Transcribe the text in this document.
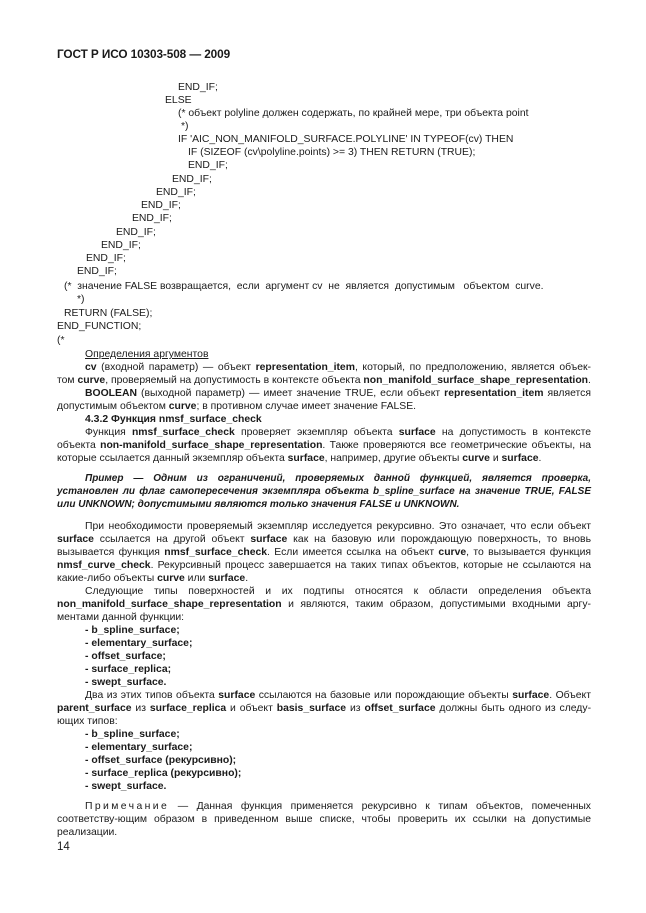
ГОСТ Р ИСО 10303-508 — 2009
END_IF;
ELSE
(* объект polyline должен содержать, по крайней мере, три объекта point
*)
IF 'AIC_NON_MANIFOLD_SURFACE.POLYLINE' IN TYPEOF(cv) THEN
IF (SIZEOF (cv\polyline.points) >= 3) THEN RETURN (TRUE);
END_IF;
END_IF;
END_IF;
END_IF;
END_IF;
END_IF;
END_IF;
END_IF;
END_IF;
(*  значение FALSE возвращается,  если  аргумент cv  не  является  допустимым   объектом  curve.
*)
RETURN (FALSE);
END_FUNCTION;
(*

Определения аргументов

cv (входной параметр) — объект representation_item, который, по предположению, является объек-том curve, проверяемый на допустимость в контексте объекта non_manifold_surface_shape_representation.

BOOLEAN (выходной параметр) — имеет значение TRUE, если объект representation_item является допустимым объектом curve; в противном случае имеет значение FALSE.

4.3.2 Функция nmsf_surface_check

Функция nmsf_surface_check проверяет экземпляр объекта surface на допустимость в контексте объекта non-manifold_surface_shape_representation. Также проверяются все геометрические объекты, на которые ссылается данный экземпляр объекта surface, например, другие объекты curve и surface.

Пример — Одним из ограничений, проверяемых данной функцией, является проверка, установлен ли флаг самопересечения экземпляра объекта b_spline_surface на значение TRUE, FALSE или UNKNOWN; допустимыми являются только значения FALSE и UNKNOWN.

При необходимости проверяемый экземпляр исследуется рекурсивно. Это означает, что если объект surface ссылается на другой объект surface как на базовую или порождающую поверхность, то вновь вызывается функция nmsf_surface_check. Если имеется ссылка на объект curve, то вызывается функция nmsf_curve_check. Рекурсивный процесс завершается на таких типах объектов, которые не ссылаются на какие-либо объекты curve или surface.

Следующие типы поверхностей и их подтипы относятся к области определения объекта non_manifold_surface_shape_representation и являются, таким образом, допустимыми входными аргу-ментами данной функции:

- b_spline_surface;

- elementary_surface;

- offset_surface;

- surface_replica;

- swept_surface.

Два из этих типов объекта surface ссылаются на базовые или порождающие объекты surface. Объект parent_surface из surface_replica и объект basis_surface из offset_surface должны быть одного из следу-ющих типов:

- b_spline_surface;

- elementary_surface;

- offset_surface (рекурсивно);

- surface_replica (рекурсивно);

- swept_surface.

Примечание — Данная функция применяется рекурсивно к типам объектов, помеченных соответству-ющим образом в приведенном выше списке, чтобы проверить их ссылки на допустимые реализации.

14
